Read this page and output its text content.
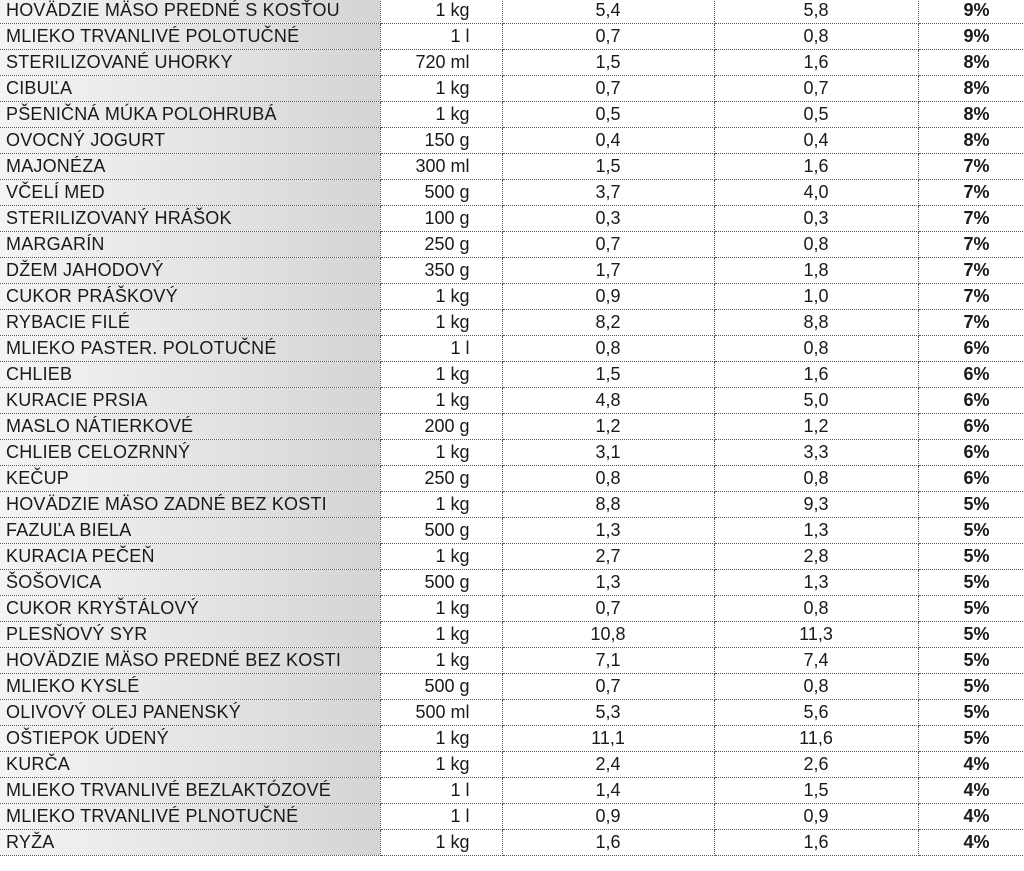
HOVÄDZIE MÄSO PREDNÉ S KOSŤOU	1 kg	5,4	5,8	9%
MLIEKO TRVANLIVÉ POLOTUČNÉ	1 l	0,7	0,8	9%
STERILIZOVANÉ UHORKY	720 ml	1,5	1,6	8%
CIBUĽA	1 kg	0,7	0,7	8%
PŠENIČNÁ MÚKA POLOHRUBÁ	1 kg	0,5	0,5	8%
OVOCNÝ JOGURT	150 g	0,4	0,4	8%
MAJONÉZA	300 ml	1,5	1,6	7%
VČELÍ MED	500 g	3,7	4,0	7%
STERILIZOVANÝ HRÁŠOK	100 g	0,3	0,3	7%
MARGARÍN	250 g	0,7	0,8	7%
DŽEM JAHODOVÝ	350 g	1,7	1,8	7%
CUKOR PRÁŠKOVÝ	1 kg	0,9	1,0	7%
RYBACIE FILÉ	1 kg	8,2	8,8	7%
MLIEKO PASTER. POLOTUČNÉ	1 l	0,8	0,8	6%
CHLIEB	1 kg	1,5	1,6	6%
KURACIE PRSIA	1 kg	4,8	5,0	6%
MASLO NÁTIERKOVÉ	200 g	1,2	1,2	6%
CHLIEB CELOZRNNÝ	1 kg	3,1	3,3	6%
KEČUP	250 g	0,8	0,8	6%
HOVÄDZIE MÄSO ZADNÉ BEZ KOSTI	1 kg	8,8	9,3	5%
FAZUĽA BIELA	500 g	1,3	1,3	5%
KURACIA PEČEŇ	1 kg	2,7	2,8	5%
ŠOŠOVICA	500 g	1,3	1,3	5%
CUKOR KRYŠTÁLOVÝ	1 kg	0,7	0,8	5%
PLESŇOVÝ SYR	1 kg	10,8	11,3	5%
HOVÄDZIE MÄSO PREDNÉ BEZ KOSTI	1 kg	7,1	7,4	5%
MLIEKO KYSLÉ	500 g	0,7	0,8	5%
OLIVOVÝ OLEJ PANENSKÝ	500 ml	5,3	5,6	5%
OŠTIEPOK ÚDENÝ	1 kg	11,1	11,6	5%
KURČA	1 kg	2,4	2,6	4%
MLIEKO TRVANLIVÉ BEZLAKTÓZOVÉ	1 l	1,4	1,5	4%
MLIEKO TRVANLIVÉ PLNOTUČNÉ	1 l	0,9	0,9	4%
RYŽA	1 kg	1,6	1,6	4%
